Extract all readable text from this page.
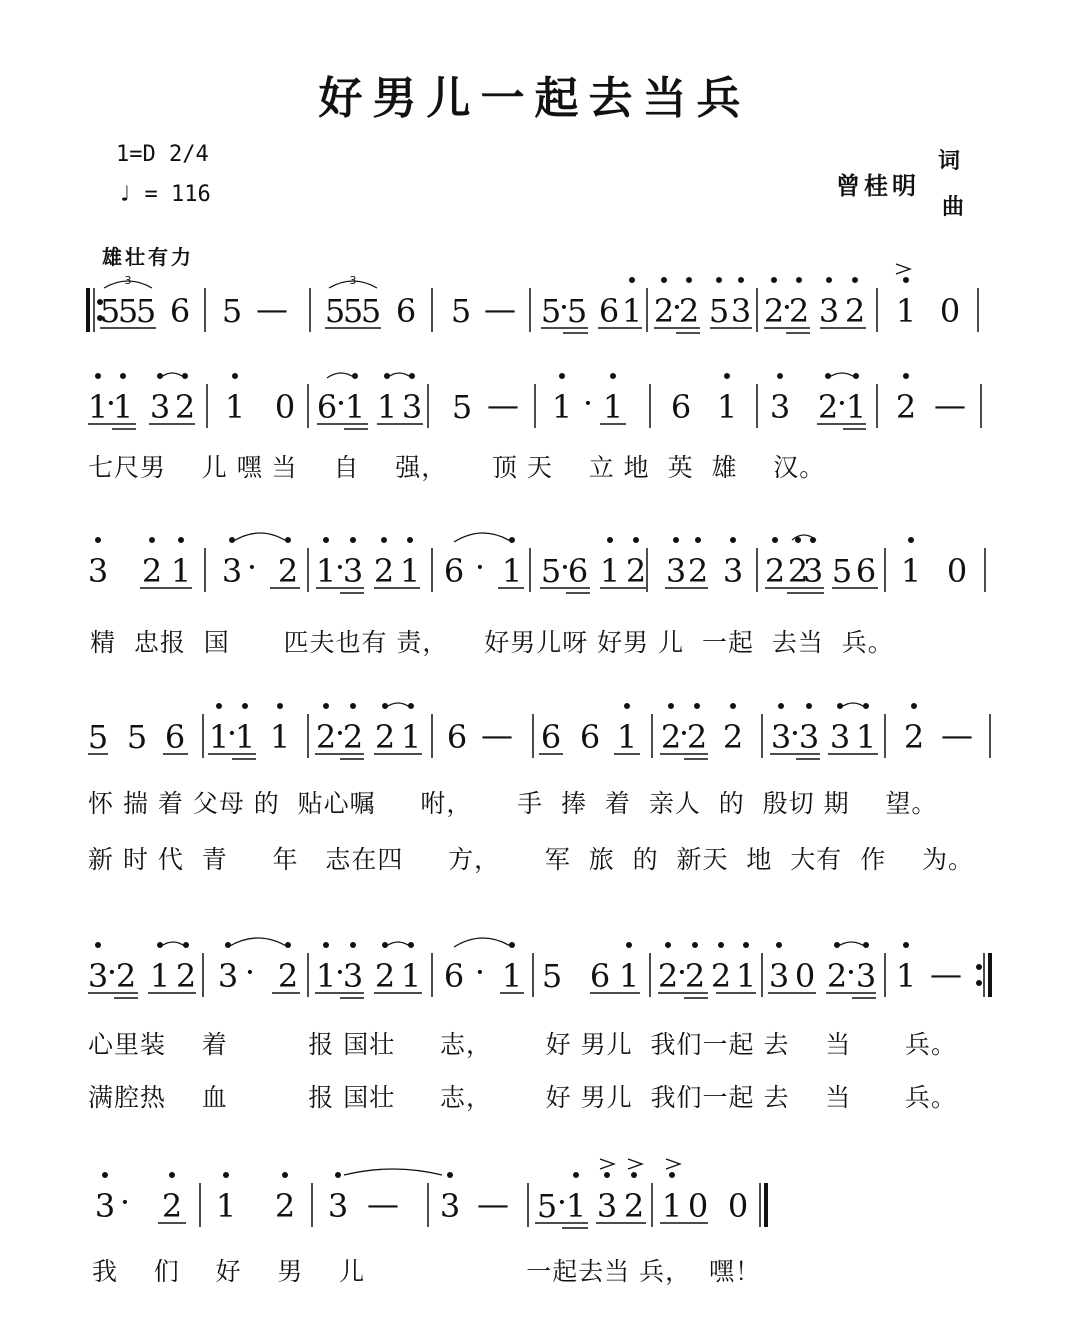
好男儿一起去当兵
1=D 2/4
♩ = 116	曾桂明
词
曲
雄壮有力
5
5
5 6 5 — 5
5
5 6 5 — 5
·
5 6 1 2
·
2 5 3 2
·
2 3 2 1 0
3	3
1
·
1 3 2 1 0 6
·
1 1 3 5 — 1 · 1 6 1 3 2
·
1 2 —
七尺男    儿 嘿 当    自    强，     顶 天    立 地  英  雄    汉。
3 2 1 3 · 2 1
·
3 2 1 6 · 1 5
·
6 1 2 3 2 3 2 2
3 5 6 1 0
精  忠报  国      匹夫也有 责，    好男儿呀 好男 儿  一起  去当  兵。
5 5 6 1
·
1 1 2
·
2 2 1 6 — 6 6 1 2
·
2 2 3
·
3 3 1 2 —
怀 揣 着 父母 的  贴心嘱     咐，     手  捧  着  亲人  的  殷切 期    望。
新 时 代  青     年   志在四     方，     军  旅  的  新天  地  大有  作    为。
3
·
2 1 2 3 · 2 1
·
3 2 1 6 · 1 5 6 1 2
·
2 2 1 3 0 2
· 3 1 —
心里装    着         报 国壮     志，      好 男儿  我们一起 去    当      兵。
满腔热    血         报 国壮     志，      好 男儿  我们一起 去    当      兵。
3 · 2 1 2 3 — 3 — 5 ·
1 3 2 1 0 0
我    们    好    男    儿                  一起去当 兵，  嘿！
